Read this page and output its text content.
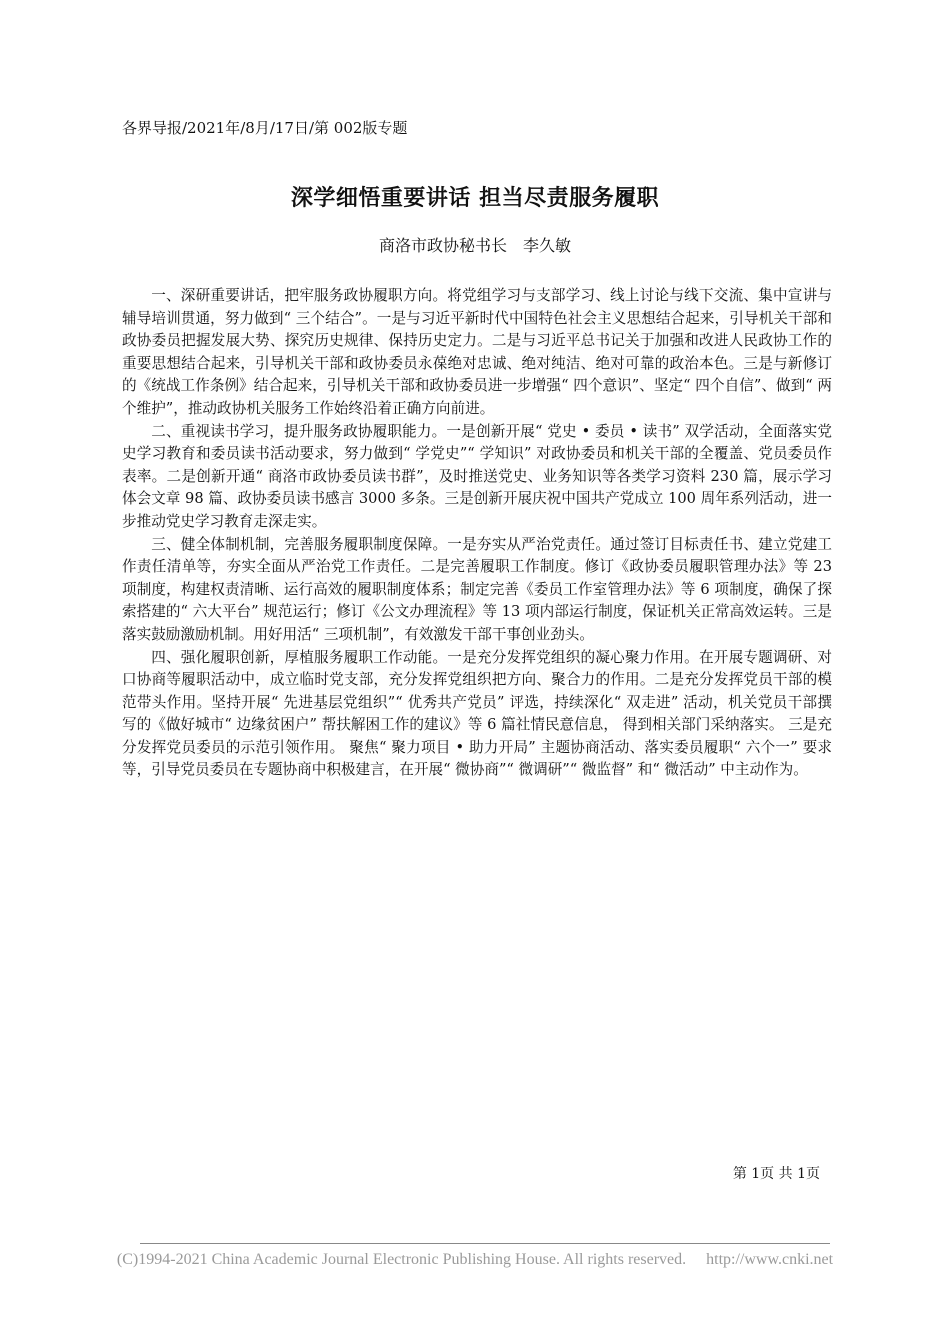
各界导报/2021年/8月/17日/第 002版专题
深学细悟重要讲话 担当尽责服务履职
商洛市政协秘书长　李久敏

一、深研重要讲话，把牢服务政协履职方向。将党组学习与支部学习、线上讨论与线下交流、集中宣讲与辅导培训贯通，努力做到“ 三个结合”。一是与习近平新时代中国特色社会主义思想结合起来，引导机关干部和政协委员把握发展大势、探究历史规律、保持历史定力。二是与习近平总书记关于加强和改进人民政协工作的重要思想结合起来，引导机关干部和政协委员永葆绝对忠诚、绝对纯洁、绝对可靠的政治本色。三是与新修订的《统战工作条例》结合起来，引导机关干部和政协委员进一步增强“ 四个意识”、坚定“ 四个自信”、做到“ 两个维护”，推动政协机关服务工作始终沿着正确方向前进。

二、重视读书学习，提升服务政协履职能力。一是创新开展“ 党史 • 委员 • 读书” 双学活动，全面落实党史学习教育和委员读书活动要求，努力做到“ 学党史”“ 学知识” 对政协委员和机关干部的全覆盖、党员委员作表率。二是创新开通“ 商洛市政协委员读书群”，及时推送党史、业务知识等各类学习资料 230 篇，展示学习体会文章 98 篇、政协委员读书感言 3000 多条。三是创新开展庆祝中国共产党成立 100 周年系列活动，进一步推动党史学习教育走深走实。

三、健全体制机制，完善服务履职制度保障。一是夯实从严治党责任。通过签订目标责任书、建立党建工作责任清单等，夯实全面从严治党工作责任。二是完善履职工作制度。修订《政协委员履职管理办法》等 23 项制度，构建权责清晰、运行高效的履职制度体系；制定完善《委员工作室管理办法》等 6 项制度，确保了探索搭建的“ 六大平台” 规范运行；修订《公文办理流程》等 13 项内部运行制度，保证机关正常高效运转。三是落实鼓励激励机制。用好用活“ 三项机制”，有效激发干部干事创业劲头。

四、强化履职创新，厚植服务履职工作动能。一是充分发挥党组织的凝心聚力作用。在开展专题调研、对口协商等履职活动中，成立临时党支部，充分发挥党组织把方向、聚合力的作用。二是充分发挥党员干部的模范带头作用。坚持开展“ 先进基层党组织”“ 优秀共产党员” 评选，持续深化“ 双走进” 活动，机关党员干部撰写的《做好城市“ 边缘贫困户” 帮扶解困工作的建议》等 6 篇社情民意信息， 得到相关部门采纳落实。 三是充分发挥党员委员的示范引领作用。 聚焦“ 聚力项目 • 助力开局” 主题协商活动、落实委员履职“ 六个一” 要求等，引导党员委员在专题协商中积极建言，在开展“ 微协商”“ 微调研”“ 微监督” 和“ 微活动” 中主动作为。

第 1页 共 1页
(C)1994-2021 China Academic Journal Electronic Publishing House. All rights reserved.　 http://www.cnki.net
